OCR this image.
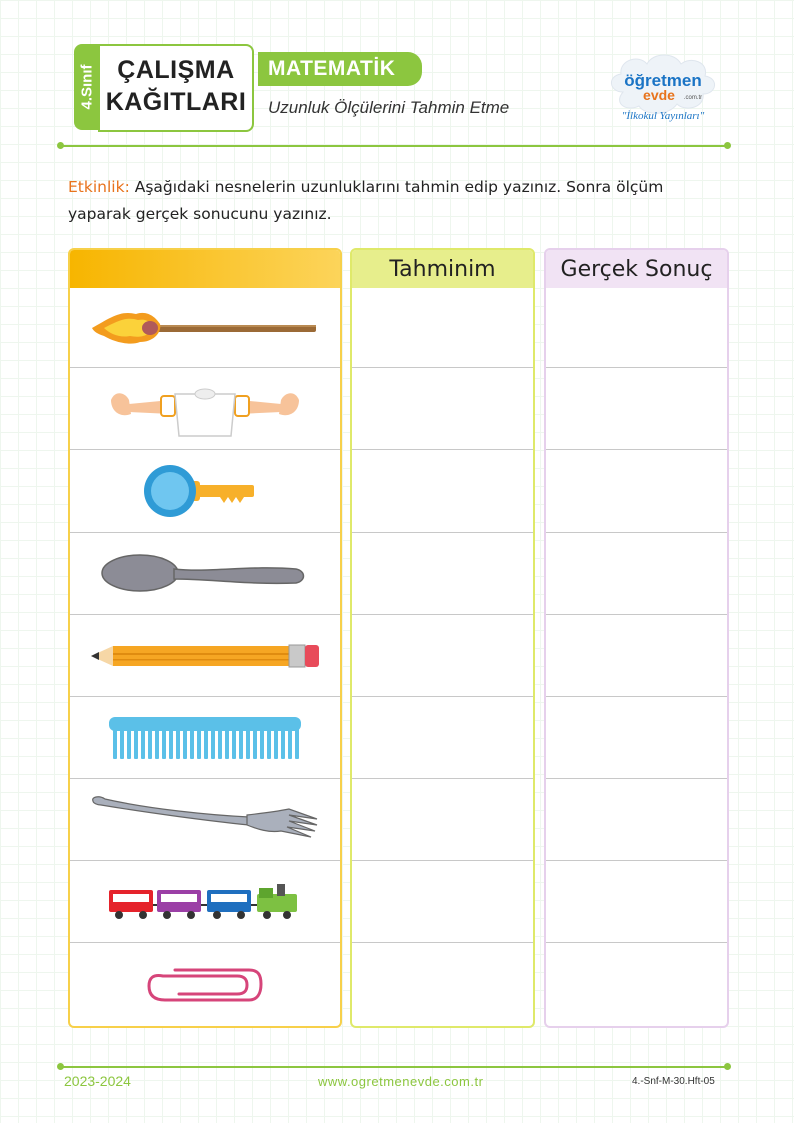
4.Sınıf ÇALIŞMA
KAĞITLARI
MATEMATİK
Uzunluk Ölçülerini Tahmin Etme
öğretmen
evde .com.tr
"İlkokul Yayınları"
Etkinlik: Aşağıdaki nesnelerin uzunluklarını tahmin edip yazınız. Sonra ölçüm yaparak gerçek sonucunu yazınız.
Tahminim	Gerçek Sonuç
2023-2024	www.ogretmenevde.com.tr	4.-Snf-M-30.Hft-05
